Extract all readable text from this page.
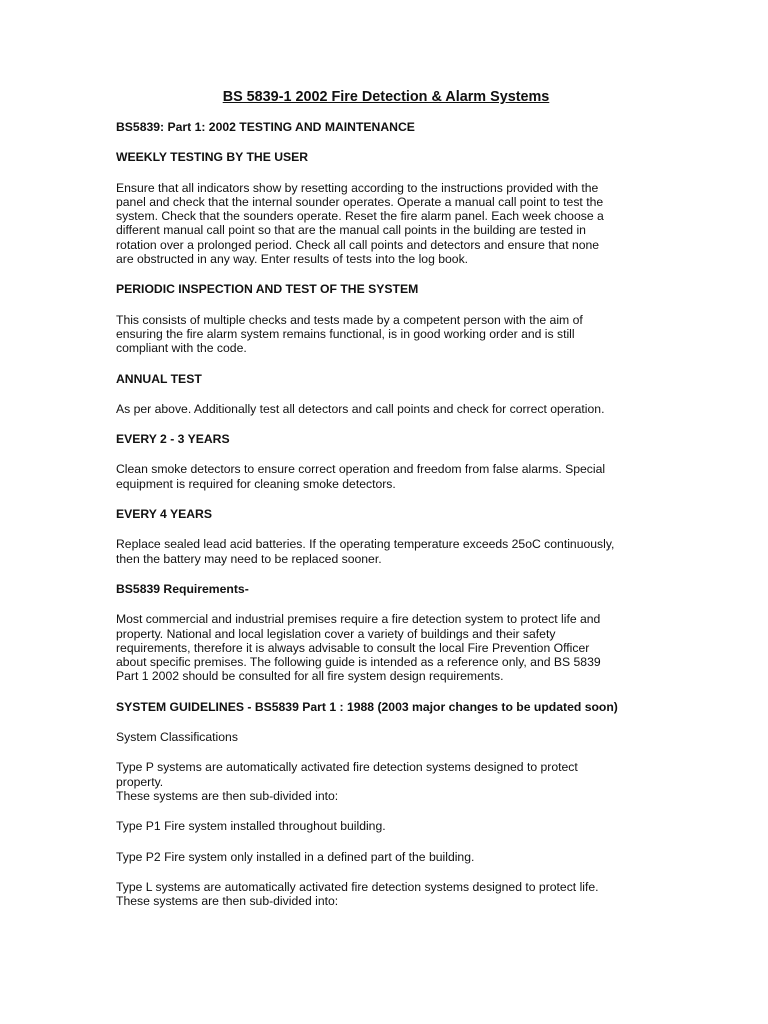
BS 5839-1 2002 Fire Detection & Alarm Systems
BS5839: Part 1: 2002 TESTING AND MAINTENANCE
WEEKLY TESTING BY THE USER
Ensure that all indicators show by resetting according to the instructions provided with the
panel and check that the internal sounder operates. Operate a manual call point to test the
system. Check that the sounders operate. Reset the fire alarm panel. Each week choose a
different manual call point so that are the manual call points in the building are tested in
rotation over a prolonged period. Check all call points and detectors and ensure that none
are obstructed in any way. Enter results of tests into the log book.
PERIODIC INSPECTION AND TEST OF THE SYSTEM
This consists of multiple checks and tests made by a competent person with the aim of
ensuring the fire alarm system remains functional, is in good working order and is still
compliant with the code.
ANNUAL TEST
As per above. Additionally test all detectors and call points and check for correct operation.
EVERY 2 - 3 YEARS
Clean smoke detectors to ensure correct operation and freedom from false alarms. Special
equipment is required for cleaning smoke detectors.
EVERY 4 YEARS
Replace sealed lead acid batteries. If the operating temperature exceeds 25oC continuously,
then the battery may need to be replaced sooner.
BS5839 Requirements-
Most commercial and industrial premises require a fire detection system to protect life and
property. National and local legislation cover a variety of buildings and their safety
requirements, therefore it is always advisable to consult the local Fire Prevention Officer
about specific premises. The following guide is intended as a reference only, and BS 5839
Part 1 2002 should be consulted for all fire system design requirements.
SYSTEM GUIDELINES - BS5839 Part 1 : 1988 (2003 major changes to be updated soon)
System Classifications
Type P systems are automatically activated fire detection systems designed to protect
property.
These systems are then sub-divided into:
Type P1 Fire system installed throughout building.
Type P2 Fire system only installed in a defined part of the building.
Type L systems are automatically activated fire detection systems designed to protect life.
These systems are then sub-divided into:
